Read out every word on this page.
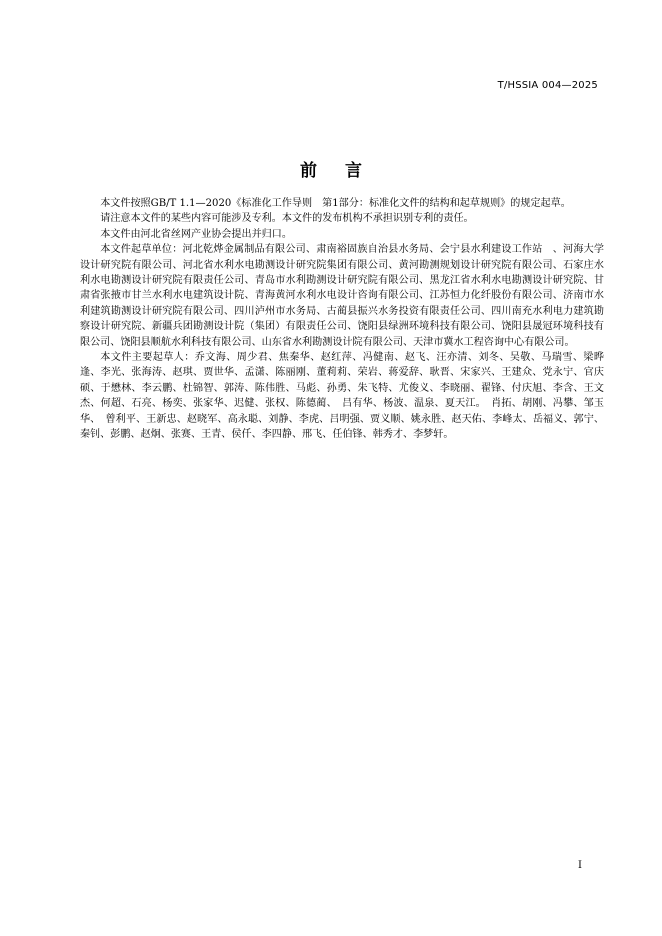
T/HSSIA 004—2025
前 言

本文件按照GB/T 1.1—2020《标准化工作导则　第1部分：标准化文件的结构和起草规则》的规定起草。

请注意本文件的某些内容可能涉及专利。本文件的发布机构不承担识别专利的责任。

本文件由河北省丝网产业协会提出并归口。

本文件起草单位：河北乾烨金属制品有限公司、肃南裕固族自治县水务局、会宁县水利建设工作站　、河海大学设计研究院有限公司、河北省水利水电勘测设计研究院集团有限公司、黄河勘测规划设计研究院有限公司、石家庄水利水电勘测设计研究院有限责任公司、青岛市水利勘测设计研究院有限公司、黑龙江省水利水电勘测设计研究院、甘肃省张掖市甘兰水利水电建筑设计院、青海黄河水利水电设计咨询有限公司、江苏恒力化纤股份有限公司、济南市水利建筑勘测设计研究院有限公司、四川泸州市水务局、古蔺县振兴水务投资有限责任公司、四川南充水利电力建筑勘察设计研究院、新疆兵团勘测设计院（集团）有限责任公司、饶阳县绿洲环境科技有限公司、饶阳县晟冠环境科技有限公司、饶阳县顺航水利科技有限公司、山东省水利勘测设计院有限公司、天津市冀水工程咨询中心有限公司。

本文件主要起草人：乔文海、周少君、焦秦华、赵红萍、冯健南、赵飞、汪亦清、刘冬、吴敬、马瑞雪、梁晔逢、李光、张海涛、赵琪、贾世华、孟潇、陈丽刚、董莉莉、荣岩、蒋爱辞、耿晋、宋家兴、王建众、党永宁、官庆硕、于懋林、李云鹏、杜锦智、郭涛、陈伟胜、马彪、孙勇、朱飞特、尤俊义、李晓丽、翟锋、付庆旭、李含、王文杰、何超、石亮、杨奕、张家华、迟健、张权、陈德蔺、　吕有华、杨波、温泉、夏天江。　肖拓、胡刚、冯攀、邹玉华、　曾利平、王新忠、赵晓军、高永聪、刘静、李虎、吕明强、贾义顺、姚永胜、赵天佑、李峰太、岳福义、郭宁、秦钊、彭鹏、赵炯、张赛、王青、侯仟、李四静、邢飞、任伯锋、韩秀才、李梦轩。

I
